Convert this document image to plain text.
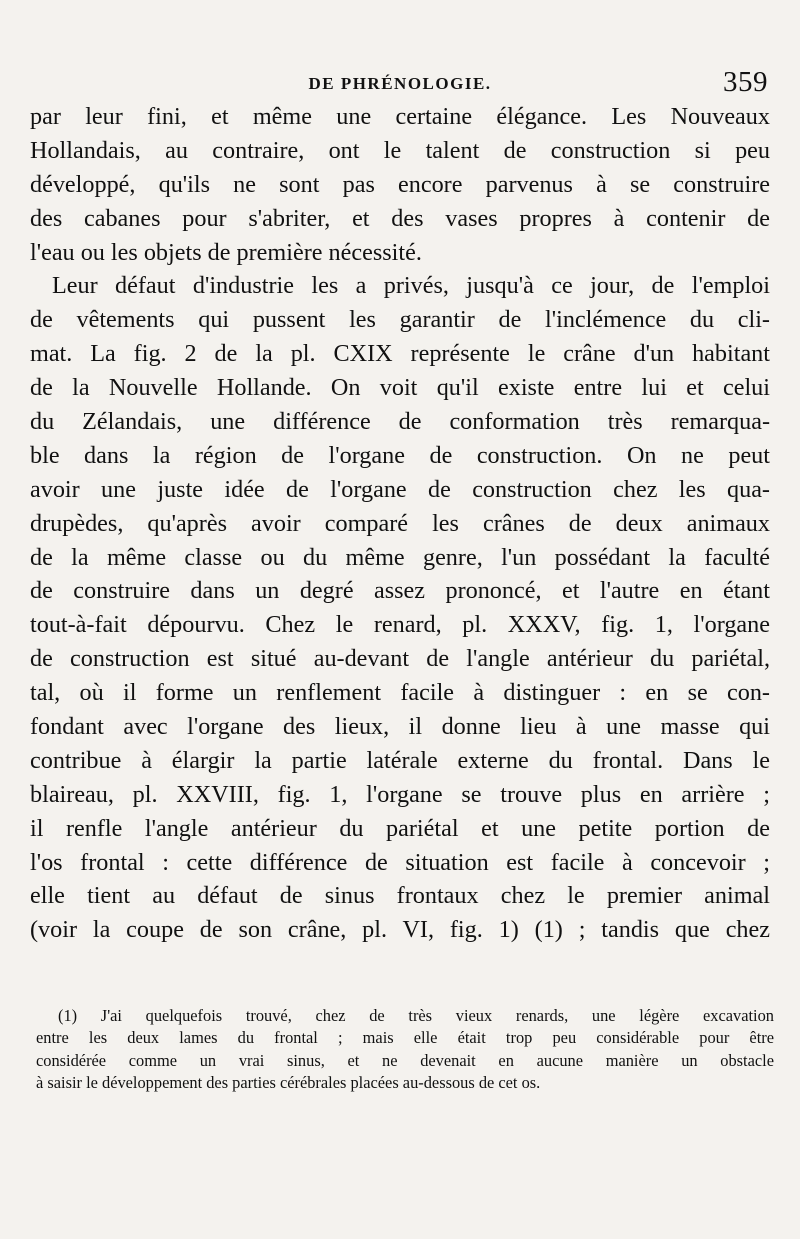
DE PHRÉNOLOGIE.	359
par leur fini, et même une certaine élégance. Les Nouveaux
Hollandais, au contraire, ont le talent de construction si peu
développé, qu'ils ne sont pas encore parvenus à se construire
des cabanes pour s'abriter, et des vases propres à contenir de
l'eau ou les objets de première nécessité.
Leur défaut d'industrie les a privés, jusqu'à ce jour, de l'emploi
de vêtements qui pussent les garantir de l'inclémence du cli-
mat. La fig. 2 de la pl. CXIX représente le crâne d'un habitant
de la Nouvelle Hollande. On voit qu'il existe entre lui et celui
du Zélandais, une différence de conformation très remarqua-
ble dans la région de l'organe de construction. On ne peut
avoir une juste idée de l'organe de construction chez les qua-
drupèdes, qu'après avoir comparé les crânes de deux animaux
de la même classe ou du même genre, l'un possédant la faculté
de construire dans un degré assez prononcé, et l'autre en étant
tout-à-fait dépourvu. Chez le renard, pl. XXXV, fig. 1, l'organe
de construction est situé au-devant de l'angle antérieur du pariétal,
tal, où il forme un renflement facile à distinguer : en se con-
fondant avec l'organe des lieux, il donne lieu à une masse qui
contribue à élargir la partie latérale externe du frontal. Dans le
blaireau, pl. XXVIII, fig. 1, l'organe se trouve plus en arrière ;
il renfle l'angle antérieur du pariétal et une petite portion de
l'os frontal : cette différence de situation est facile à concevoir ;
elle tient au défaut de sinus frontaux chez le premier animal
(voir la coupe de son crâne, pl. VI, fig. 1) (1) ; tandis que chez
(1) J'ai quelquefois trouvé, chez de très vieux renards, une légère excavation
entre les deux lames du frontal ; mais elle était trop peu considérable pour être
considérée comme un vrai sinus, et ne devenait en aucune manière un obstacle
à saisir le développement des parties cérébrales placées au-dessous de cet os.
